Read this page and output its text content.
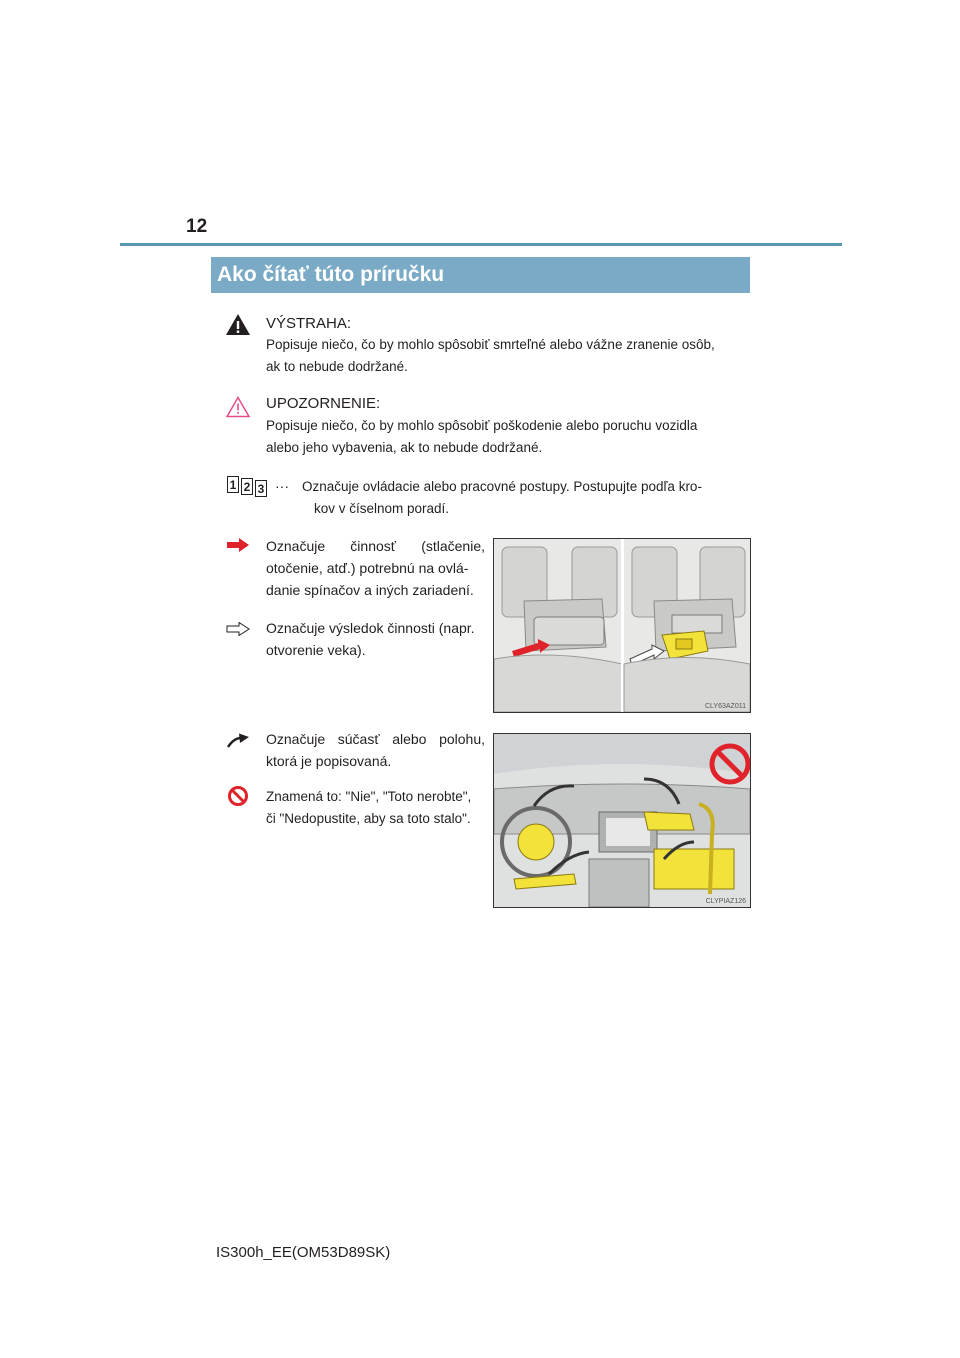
12
Ako čítať túto príručku
VÝSTRAHA:
Popisuje niečo, čo by mohlo spôsobiť smrteľné alebo vážne zranenie osôb,
ak to nebude dodržané.
UPOZORNENIE:
Popisuje niečo, čo by mohlo spôsobiť poškodenie alebo poruchu vozidla
alebo jeho vybavenia, ak to nebude dodržané.
1 2 3 ··· Označuje ovládacie alebo pracovné postupy. Postupujte podľa kro-
kov v číselnom poradí.
Označuje činnosť (stlačenie,
otočenie, atď.) potrebnú na ovlá-
danie spínačov a iných zariadení.
Označuje výsledok činnosti (napr.
otvorenie veka).
CLY63AZ011
Označuje súčasť alebo polohu,
ktorá je popisovaná.
Znamená to: "Nie", "Toto nerobte",
či "Nedopustite, aby sa toto stalo".
CLYPIAZ126
IS300h_EE(OM53D89SK)
